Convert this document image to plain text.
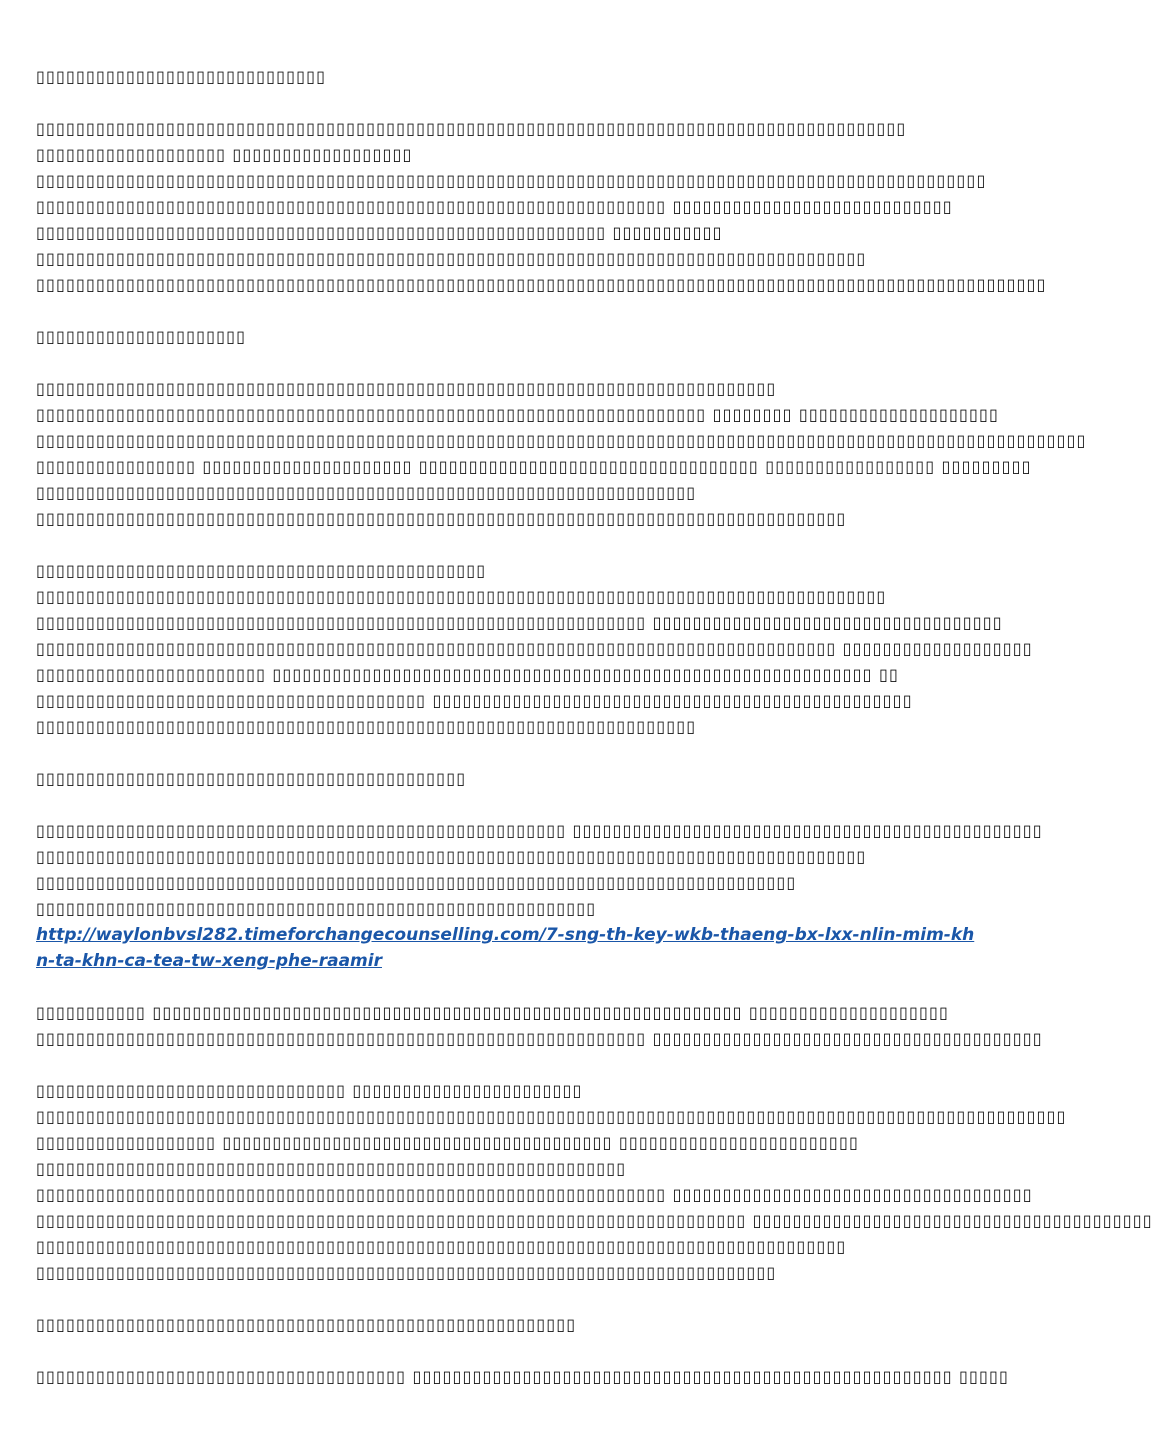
▯▯▯▯▯▯▯▯▯▯▯▯▯▯▯▯▯▯▯▯▯▯▯▯▯▯▯▯▯
▯▯▯▯▯▯▯▯▯▯▯▯▯▯▯▯▯▯▯▯▯▯▯▯▯▯▯▯▯▯▯▯▯▯▯▯▯▯▯▯▯▯▯▯▯▯▯▯▯▯▯▯▯▯▯▯▯▯▯▯▯▯▯▯▯▯▯▯▯▯▯▯▯▯▯▯▯▯▯▯▯▯▯▯▯▯▯
▯▯▯▯▯▯▯▯▯▯▯▯▯▯▯▯▯▯▯ ▯▯▯▯▯▯▯▯▯▯▯▯▯▯▯▯▯▯
▯▯▯▯▯▯▯▯▯▯▯▯▯▯▯▯▯▯▯▯▯▯▯▯▯▯▯▯▯▯▯▯▯▯▯▯▯▯▯▯▯▯▯▯▯▯▯▯▯▯▯▯▯▯▯▯▯▯▯▯▯▯▯▯▯▯▯▯▯▯▯▯▯▯▯▯▯▯▯▯▯▯▯▯▯▯▯▯▯▯▯▯▯▯▯
▯▯▯▯▯▯▯▯▯▯▯▯▯▯▯▯▯▯▯▯▯▯▯▯▯▯▯▯▯▯▯▯▯▯▯▯▯▯▯▯▯▯▯▯▯▯▯▯▯▯▯▯▯▯▯▯▯▯▯▯▯▯▯ ▯▯▯▯▯▯▯▯▯▯▯▯▯▯▯▯▯▯▯▯▯▯▯▯▯▯▯▯
▯▯▯▯▯▯▯▯▯▯▯▯▯▯▯▯▯▯▯▯▯▯▯▯▯▯▯▯▯▯▯▯▯▯▯▯▯▯▯▯▯▯▯▯▯▯▯▯▯▯▯▯▯▯▯▯▯ ▯▯▯▯▯▯▯▯▯▯▯
▯▯▯▯▯▯▯▯▯▯▯▯▯▯▯▯▯▯▯▯▯▯▯▯▯▯▯▯▯▯▯▯▯▯▯▯▯▯▯▯▯▯▯▯▯▯▯▯▯▯▯▯▯▯▯▯▯▯▯▯▯▯▯▯▯▯▯▯▯▯▯▯▯▯▯▯▯▯▯▯▯▯▯
▯▯▯▯▯▯▯▯▯▯▯▯▯▯▯▯▯▯▯▯▯▯▯▯▯▯▯▯▯▯▯▯▯▯▯▯▯▯▯▯▯▯▯▯▯▯▯▯▯▯▯▯▯▯▯▯▯▯▯▯▯▯▯▯▯▯▯▯▯▯▯▯▯▯▯▯▯▯▯▯▯▯▯▯▯▯▯▯▯▯▯▯▯▯▯▯▯▯▯▯▯
▯▯▯▯▯▯▯▯▯▯▯▯▯▯▯▯▯▯▯▯▯
▯▯▯▯▯▯▯▯▯▯▯▯▯▯▯▯▯▯▯▯▯▯▯▯▯▯▯▯▯▯▯▯▯▯▯▯▯▯▯▯▯▯▯▯▯▯▯▯▯▯▯▯▯▯▯▯▯▯▯▯▯▯▯▯▯▯▯▯▯▯▯▯▯▯
▯▯▯▯▯▯▯▯▯▯▯▯▯▯▯▯▯▯▯▯▯▯▯▯▯▯▯▯▯▯▯▯▯▯▯▯▯▯▯▯▯▯▯▯▯▯▯▯▯▯▯▯▯▯▯▯▯▯▯▯▯▯▯▯▯▯▯ ▯▯▯▯▯▯▯▯ ▯▯▯▯▯▯▯▯▯▯▯▯▯▯▯▯▯▯▯▯
▯▯▯▯▯▯▯▯▯▯▯▯▯▯▯▯▯▯▯▯▯▯▯▯▯▯▯▯▯▯▯▯▯▯▯▯▯▯▯▯▯▯▯▯▯▯▯▯▯▯▯▯▯▯▯▯▯▯▯▯▯▯▯▯▯▯▯▯▯▯▯▯▯▯▯▯▯▯▯▯▯▯▯▯▯▯▯▯▯▯▯▯▯▯▯▯▯▯▯▯▯▯▯▯▯
▯▯▯▯▯▯▯▯▯▯▯▯▯▯▯▯ ▯▯▯▯▯▯▯▯▯▯▯▯▯▯▯▯▯▯▯▯▯ ▯▯▯▯▯▯▯▯▯▯▯▯▯▯▯▯▯▯▯▯▯▯▯▯▯▯▯▯▯▯▯▯▯▯ ▯▯▯▯▯▯▯▯▯▯▯▯▯▯▯▯▯ ▯▯▯▯▯▯▯▯▯
▯▯▯▯▯▯▯▯▯▯▯▯▯▯▯▯▯▯▯▯▯▯▯▯▯▯▯▯▯▯▯▯▯▯▯▯▯▯▯▯▯▯▯▯▯▯▯▯▯▯▯▯▯▯▯▯▯▯▯▯▯▯▯▯▯▯
▯▯▯▯▯▯▯▯▯▯▯▯▯▯▯▯▯▯▯▯▯▯▯▯▯▯▯▯▯▯▯▯▯▯▯▯▯▯▯▯▯▯▯▯▯▯▯▯▯▯▯▯▯▯▯▯▯▯▯▯▯▯▯▯▯▯▯▯▯▯▯▯▯▯▯▯▯▯▯▯▯
▯▯▯▯▯▯▯▯▯▯▯▯▯▯▯▯▯▯▯▯▯▯▯▯▯▯▯▯▯▯▯▯▯▯▯▯▯▯▯▯▯▯▯▯▯
▯▯▯▯▯▯▯▯▯▯▯▯▯▯▯▯▯▯▯▯▯▯▯▯▯▯▯▯▯▯▯▯▯▯▯▯▯▯▯▯▯▯▯▯▯▯▯▯▯▯▯▯▯▯▯▯▯▯▯▯▯▯▯▯▯▯▯▯▯▯▯▯▯▯▯▯▯▯▯▯▯▯▯▯▯
▯▯▯▯▯▯▯▯▯▯▯▯▯▯▯▯▯▯▯▯▯▯▯▯▯▯▯▯▯▯▯▯▯▯▯▯▯▯▯▯▯▯▯▯▯▯▯▯▯▯▯▯▯▯▯▯▯▯▯▯▯ ▯▯▯▯▯▯▯▯▯▯▯▯▯▯▯▯▯▯▯▯▯▯▯▯▯▯▯▯▯▯▯▯▯▯▯
▯▯▯▯▯▯▯▯▯▯▯▯▯▯▯▯▯▯▯▯▯▯▯▯▯▯▯▯▯▯▯▯▯▯▯▯▯▯▯▯▯▯▯▯▯▯▯▯▯▯▯▯▯▯▯▯▯▯▯▯▯▯▯▯▯▯▯▯▯▯▯▯▯▯▯▯▯▯▯▯ ▯▯▯▯▯▯▯▯▯▯▯▯▯▯▯▯▯▯▯
▯▯▯▯▯▯▯▯▯▯▯▯▯▯▯▯▯▯▯▯▯▯▯ ▯▯▯▯▯▯▯▯▯▯▯▯▯▯▯▯▯▯▯▯▯▯▯▯▯▯▯▯▯▯▯▯▯▯▯▯▯▯▯▯▯▯▯▯▯▯▯▯▯▯▯▯▯▯▯▯▯▯▯▯ ▯▯
▯▯▯▯▯▯▯▯▯▯▯▯▯▯▯▯▯▯▯▯▯▯▯▯▯▯▯▯▯▯▯▯▯▯▯▯▯▯▯ ▯▯▯▯▯▯▯▯▯▯▯▯▯▯▯▯▯▯▯▯▯▯▯▯▯▯▯▯▯▯▯▯▯▯▯▯▯▯▯▯▯▯▯▯▯▯▯▯
▯▯▯▯▯▯▯▯▯▯▯▯▯▯▯▯▯▯▯▯▯▯▯▯▯▯▯▯▯▯▯▯▯▯▯▯▯▯▯▯▯▯▯▯▯▯▯▯▯▯▯▯▯▯▯▯▯▯▯▯▯▯▯▯▯▯
▯▯▯▯▯▯▯▯▯▯▯▯▯▯▯▯▯▯▯▯▯▯▯▯▯▯▯▯▯▯▯▯▯▯▯▯▯▯▯▯▯▯▯
▯▯▯▯▯▯▯▯▯▯▯▯▯▯▯▯▯▯▯▯▯▯▯▯▯▯▯▯▯▯▯▯▯▯▯▯▯▯▯▯▯▯▯▯▯▯▯▯▯▯▯▯▯ ▯▯▯▯▯▯▯▯▯▯▯▯▯▯▯▯▯▯▯▯▯▯▯▯▯▯▯▯▯▯▯▯▯▯▯▯▯▯▯▯▯▯▯▯▯▯▯
▯▯▯▯▯▯▯▯▯▯▯▯▯▯▯▯▯▯▯▯▯▯▯▯▯▯▯▯▯▯▯▯▯▯▯▯▯▯▯▯▯▯▯▯▯▯▯▯▯▯▯▯▯▯▯▯▯▯▯▯▯▯▯▯▯▯▯▯▯▯▯▯▯▯▯▯▯▯▯▯▯▯▯
▯▯▯▯▯▯▯▯▯▯▯▯▯▯▯▯▯▯▯▯▯▯▯▯▯▯▯▯▯▯▯▯▯▯▯▯▯▯▯▯▯▯▯▯▯▯▯▯▯▯▯▯▯▯▯▯▯▯▯▯▯▯▯▯▯▯▯▯▯▯▯▯▯▯▯▯
▯▯▯▯▯▯▯▯▯▯▯▯▯▯▯▯▯▯▯▯▯▯▯▯▯▯▯▯▯▯▯▯▯▯▯▯▯▯▯▯▯▯▯▯▯▯▯▯▯▯▯▯▯▯▯▯
http://waylonbvsl282.timeforchangecounselling.com/7-sng-th-key-wkb-thaeng-bx-lxx-nlin-mim-khn-ta-khn-ca-tea-tw-xeng-phe-raamir
▯▯▯▯▯▯▯▯▯▯▯ ▯▯▯▯▯▯▯▯▯▯▯▯▯▯▯▯▯▯▯▯▯▯▯▯▯▯▯▯▯▯▯▯▯▯▯▯▯▯▯▯▯▯▯▯▯▯▯▯▯▯▯▯▯▯▯▯▯▯▯ ▯▯▯▯▯▯▯▯▯▯▯▯▯▯▯▯▯▯▯▯
▯▯▯▯▯▯▯▯▯▯▯▯▯▯▯▯▯▯▯▯▯▯▯▯▯▯▯▯▯▯▯▯▯▯▯▯▯▯▯▯▯▯▯▯▯▯▯▯▯▯▯▯▯▯▯▯▯▯▯▯▯ ▯▯▯▯▯▯▯▯▯▯▯▯▯▯▯▯▯▯▯▯▯▯▯▯▯▯▯▯▯▯▯▯▯▯▯▯▯▯▯
▯▯▯▯▯▯▯▯▯▯▯▯▯▯▯▯▯▯▯▯▯▯▯▯▯▯▯▯▯▯▯ ▯▯▯▯▯▯▯▯▯▯▯▯▯▯▯▯▯▯▯▯▯▯▯
▯▯▯▯▯▯▯▯▯▯▯▯▯▯▯▯▯▯▯▯▯▯▯▯▯▯▯▯▯▯▯▯▯▯▯▯▯▯▯▯▯▯▯▯▯▯▯▯▯▯▯▯▯▯▯▯▯▯▯▯▯▯▯▯▯▯▯▯▯▯▯▯▯▯▯▯▯▯▯▯▯▯▯▯▯▯▯▯▯▯▯▯▯▯▯▯▯▯▯▯▯▯▯
▯▯▯▯▯▯▯▯▯▯▯▯▯▯▯▯▯▯ ▯▯▯▯▯▯▯▯▯▯▯▯▯▯▯▯▯▯▯▯▯▯▯▯▯▯▯▯▯▯▯▯▯▯▯▯▯▯▯ ▯▯▯▯▯▯▯▯▯▯▯▯▯▯▯▯▯▯▯▯▯▯▯▯
▯▯▯▯▯▯▯▯▯▯▯▯▯▯▯▯▯▯▯▯▯▯▯▯▯▯▯▯▯▯▯▯▯▯▯▯▯▯▯▯▯▯▯▯▯▯▯▯▯▯▯▯▯▯▯▯▯▯▯
▯▯▯▯▯▯▯▯▯▯▯▯▯▯▯▯▯▯▯▯▯▯▯▯▯▯▯▯▯▯▯▯▯▯▯▯▯▯▯▯▯▯▯▯▯▯▯▯▯▯▯▯▯▯▯▯▯▯▯▯▯▯▯ ▯▯▯▯▯▯▯▯▯▯▯▯▯▯▯▯▯▯▯▯▯▯▯▯▯▯▯▯▯▯▯▯▯▯▯▯
▯▯▯▯▯▯▯▯▯▯▯▯▯▯▯▯▯▯▯▯▯▯▯▯▯▯▯▯▯▯▯▯▯▯▯▯▯▯▯▯▯▯▯▯▯▯▯▯▯▯▯▯▯▯▯▯▯▯▯▯▯▯▯▯▯▯▯▯▯▯▯ ▯▯▯▯▯▯▯▯▯▯▯▯▯▯▯▯▯▯▯▯▯▯▯▯▯▯▯▯▯▯▯▯▯▯▯▯▯▯▯▯
▯▯▯▯▯▯▯▯▯▯▯▯▯▯▯▯▯▯▯▯▯▯▯▯▯▯▯▯▯▯▯▯▯▯▯▯▯▯▯▯▯▯▯▯▯▯▯▯▯▯▯▯▯▯▯▯▯▯▯▯▯▯▯▯▯▯▯▯▯▯▯▯▯▯▯▯▯▯▯▯▯
▯▯▯▯▯▯▯▯▯▯▯▯▯▯▯▯▯▯▯▯▯▯▯▯▯▯▯▯▯▯▯▯▯▯▯▯▯▯▯▯▯▯▯▯▯▯▯▯▯▯▯▯▯▯▯▯▯▯▯▯▯▯▯▯▯▯▯▯▯▯▯▯▯▯
▯▯▯▯▯▯▯▯▯▯▯▯▯▯▯▯▯▯▯▯▯▯▯▯▯▯▯▯▯▯▯▯▯▯▯▯▯▯▯▯▯▯▯▯▯▯▯▯▯▯▯▯▯▯
▯▯▯▯▯▯▯▯▯▯▯▯▯▯▯▯▯▯▯▯▯▯▯▯▯▯▯▯▯▯▯▯▯▯▯▯▯ ▯▯▯▯▯▯▯▯▯▯▯▯▯▯▯▯▯▯▯▯▯▯▯▯▯▯▯▯▯▯▯▯▯▯▯▯▯▯▯▯▯▯▯▯▯▯▯▯▯▯▯▯▯▯ ▯▯▯▯▯
